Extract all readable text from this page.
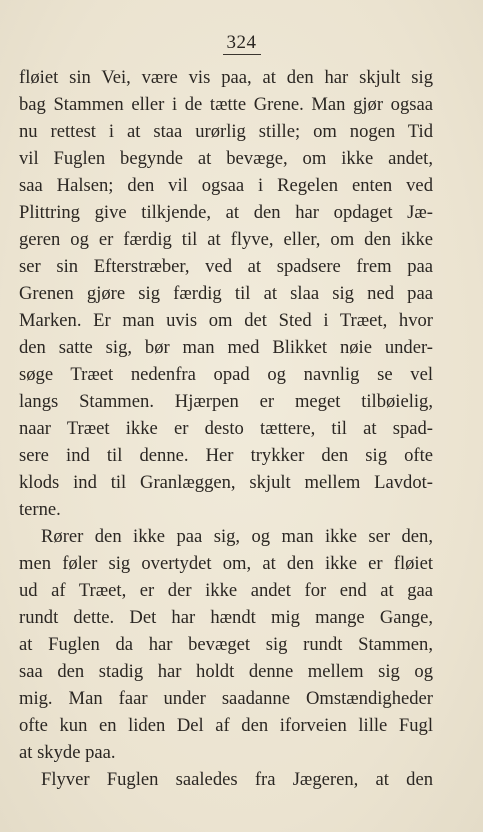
324
fløiet sin Vei, være vis paa, at den har skjult sig
bag Stammen eller i de tætte Grene. Man gjør ogsaa
nu rettest i at staa urørlig stille; om nogen Tid
vil Fuglen begynde at bevæge, om ikke andet,
saa Halsen; den vil ogsaa i Regelen enten ved
Plittring give tilkjende, at den har opdaget Jæ-
geren og er færdig til at flyve, eller, om den ikke
ser sin Efterstræber, ved at spadsere frem paa
Grenen gjøre sig færdig til at slaa sig ned paa
Marken. Er man uvis om det Sted i Træet, hvor
den satte sig, bør man med Blikket nøie under-
søge Træet nedenfra opad og navnlig se vel
langs Stammen. Hjærpen er meget tilbøielig,
naar Træet ikke er desto tættere, til at spad-
sere ind til denne. Her trykker den sig ofte
klods ind til Granlæggen, skjult mellem Lavdot-
terne.
Rører den ikke paa sig, og man ikke ser den,
men føler sig overtydet om, at den ikke er fløiet
ud af Træet, er der ikke andet for end at gaa
rundt dette. Det har hændt mig mange Gange,
at Fuglen da har bevæget sig rundt Stammen,
saa den stadig har holdt denne mellem sig og
mig. Man faar under saadanne Omstændigheder
ofte kun en liden Del af den iforveien lille Fugl
at skyde paa.
Flyver Fuglen saaledes fra Jægeren, at den
